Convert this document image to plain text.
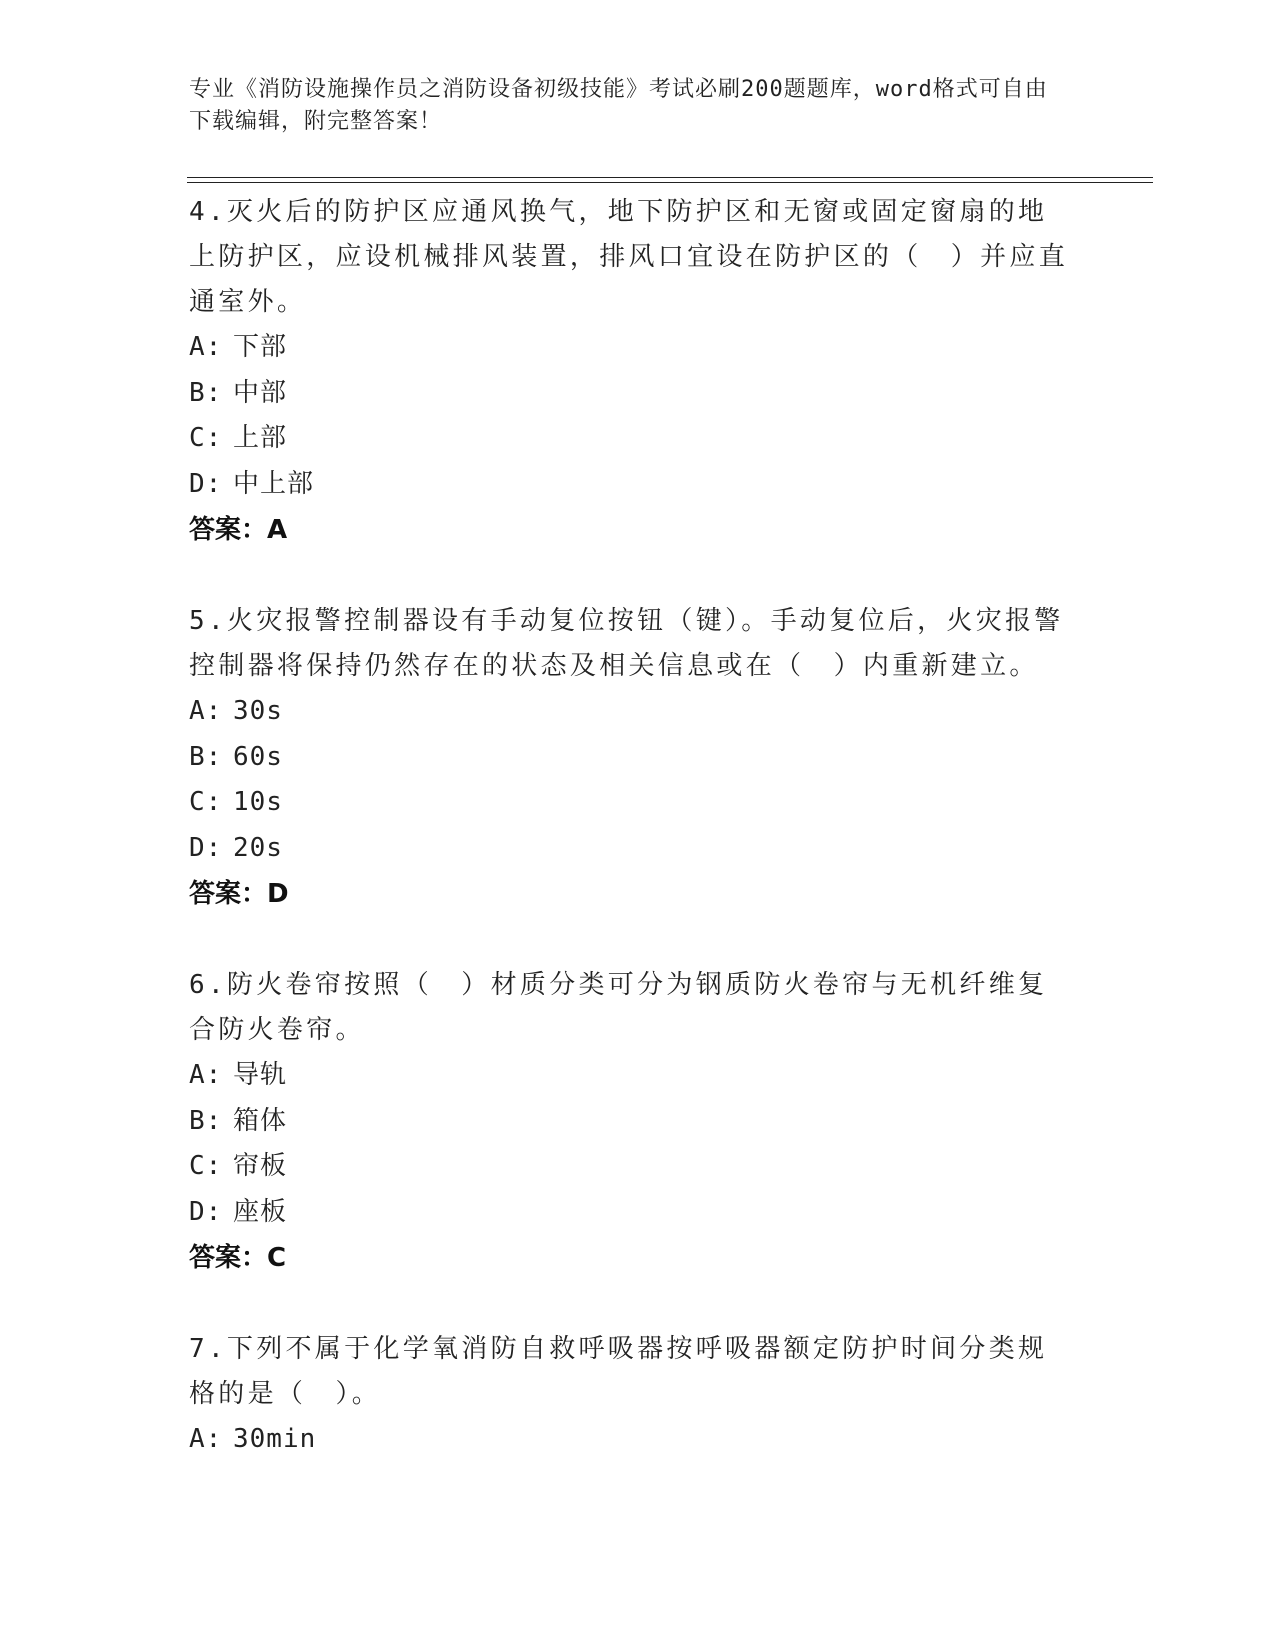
专业《消防设施操作员之消防设备初级技能》考试必刷200题题库，word格式可自由下载编辑，附完整答案！

4.灭火后的防护区应通风换气，地下防护区和无窗或固定窗扇的地上防护区，应设机械排风装置，排风口宜设在防护区的（　）并应直通室外。

A: 下部
B: 中部
C: 上部
D: 中上部
答案：A

5.火灾报警控制器设有手动复位按钮（键）。手动复位后，火灾报警控制器将保持仍然存在的状态及相关信息或在（　）内重新建立。

A: 30s
B: 60s
C: 10s
D: 20s
答案：D

6.防火卷帘按照（　）材质分类可分为钢质防火卷帘与无机纤维复合防火卷帘。

A: 导轨
B: 箱体
C: 帘板
D: 座板
答案：C

7.下列不属于化学氧消防自救呼吸器按呼吸器额定防护时间分类规格的是（　）。

A: 30min
